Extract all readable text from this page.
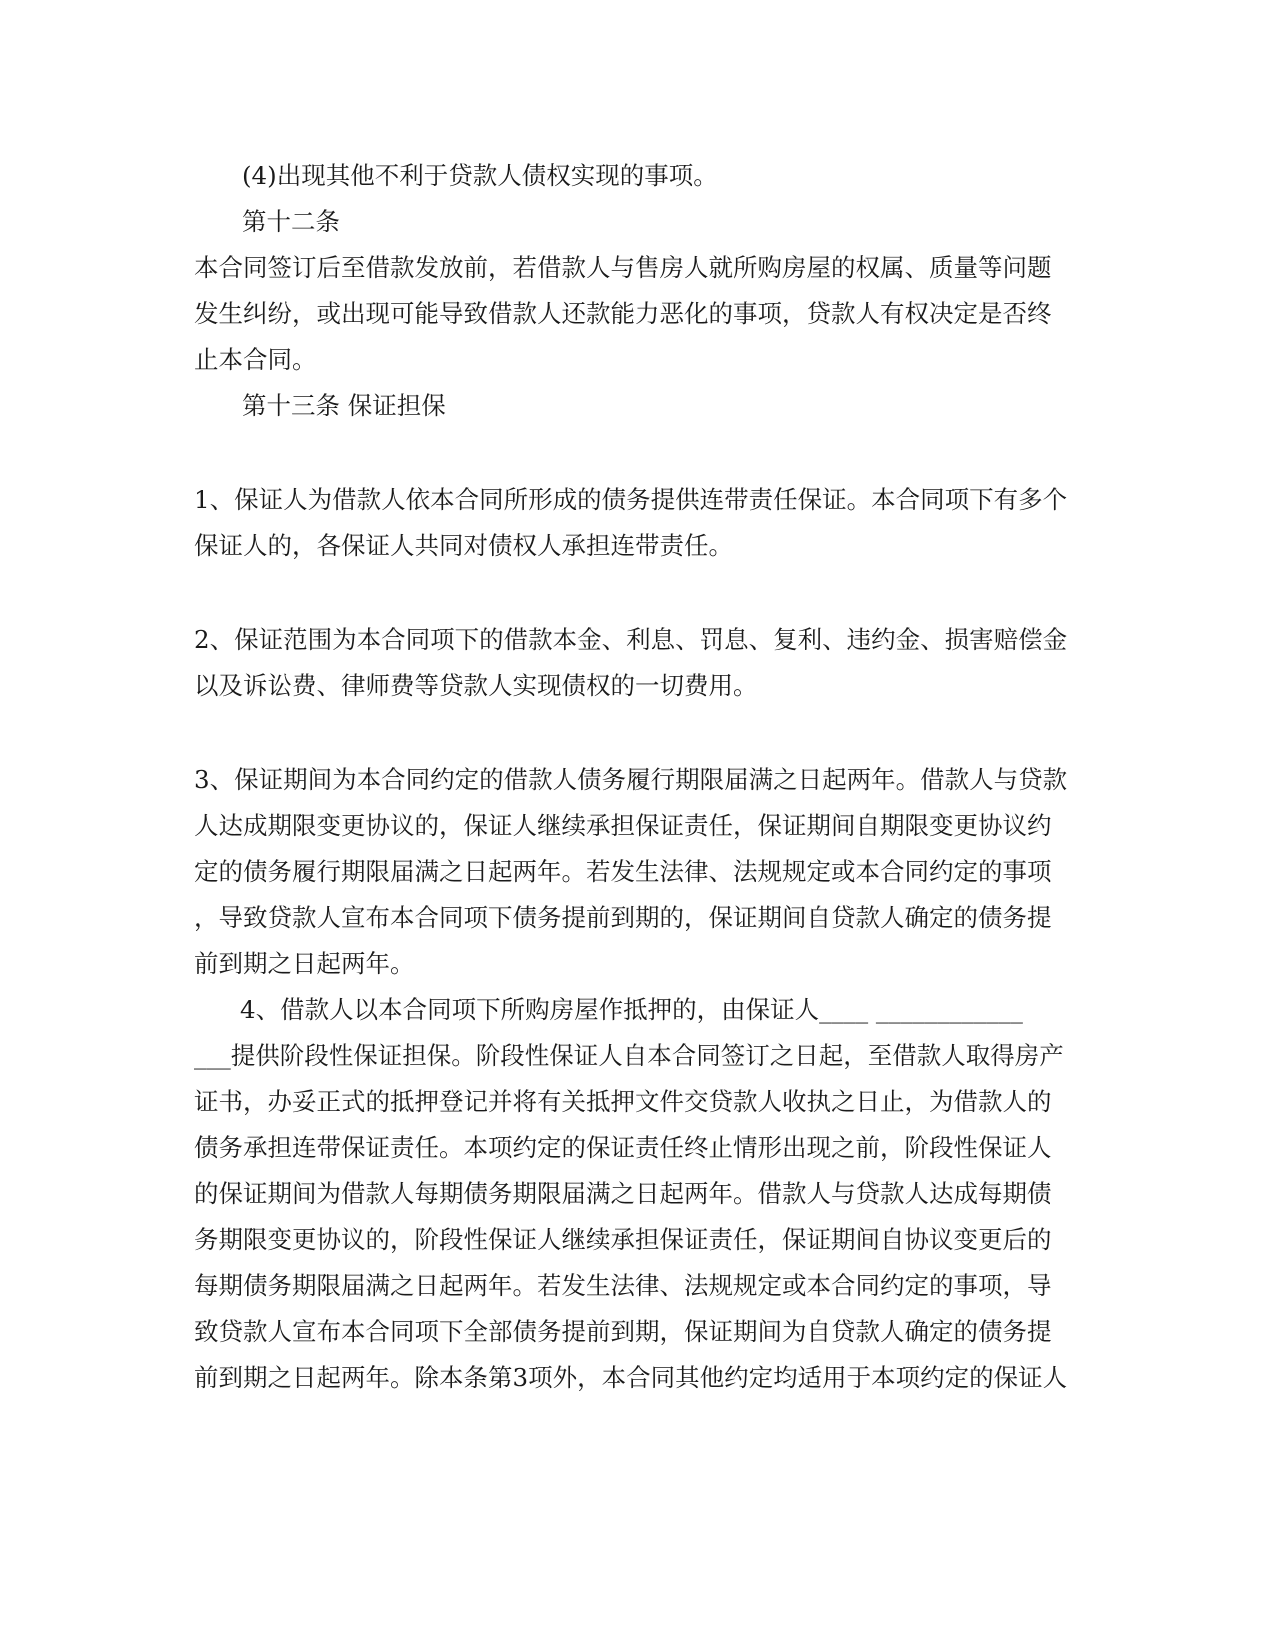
(4)出现其他不利于贷款人债权实现的事项。
第十二条
本合同签订后至借款发放前，若借款人与售房人就所购房屋的权属、质量等问题
发生纠纷，或出现可能导致借款人还款能力恶化的事项，贷款人有权决定是否终
止本合同。
第十三条 保证担保
1、保证人为借款人依本合同所形成的债务提供连带责任保证。本合同项下有多个
保证人的，各保证人共同对债权人承担连带责任。
2、保证范围为本合同项下的借款本金、利息、罚息、复利、违约金、损害赔偿金
以及诉讼费、律师费等贷款人实现债权的一切费用。
3、保证期间为本合同约定的借款人债务履行期限届满之日起两年。借款人与贷款
人达成期限变更协议的，保证人继续承担保证责任，保证期间自期限变更协议约
定的债务履行期限届满之日起两年。若发生法律、法规规定或本合同约定的事项
，导致贷款人宣布本合同项下债务提前到期的，保证期间自贷款人确定的债务提
前到期之日起两年。
4、借款人以本合同项下所购房屋作抵押的，由保证人____ ____________
___提供阶段性保证担保。阶段性保证人自本合同签订之日起，至借款人取得房产
证书，办妥正式的抵押登记并将有关抵押文件交贷款人收执之日止，为借款人的
债务承担连带保证责任。本项约定的保证责任终止情形出现之前，阶段性保证人
的保证期间为借款人每期债务期限届满之日起两年。借款人与贷款人达成每期债
务期限变更协议的，阶段性保证人继续承担保证责任，保证期间自协议变更后的
每期债务期限届满之日起两年。若发生法律、法规规定或本合同约定的事项，导
致贷款人宣布本合同项下全部债务提前到期，保证期间为自贷款人确定的债务提
前到期之日起两年。除本条第3项外，本合同其他约定均适用于本项约定的保证人
